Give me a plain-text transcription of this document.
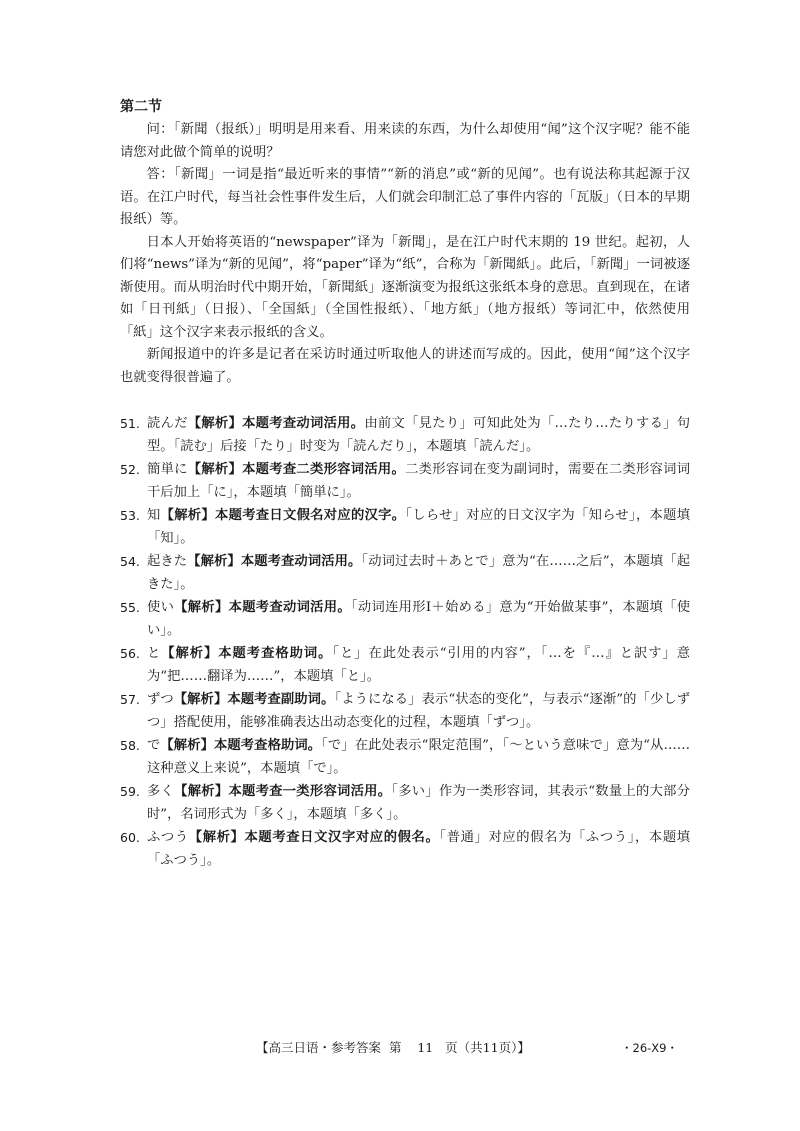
第二节

问：「新聞（报纸）」明明是用来看、用来读的东西，为什么却使用“闻”这个汉字呢？能不能请您对此做个简单的说明？

答：「新聞」一词是指“最近听来的事情”“新的消息”或“新的见闻”。也有说法称其起源于汉语。在江户时代，每当社会性事件发生后，人们就会印制汇总了事件内容的「瓦版」（日本的早期报纸）等。

日本人开始将英语的“newspaper”译为「新聞」，是在江户时代末期的 19 世纪。起初，人们将“news”译为“新的见闻”，将“paper”译为“纸”，合称为「新聞紙」。此后，「新聞」一词被逐渐使用。而从明治时代中期开始，「新聞紙」逐渐演变为报纸这张纸本身的意思。直到现在，在诸如「日刊紙」（日报）、「全国紙」（全国性报纸）、「地方紙」（地方报纸）等词汇中，依然使用「紙」这个汉字来表示报纸的含义。

新闻报道中的许多是记者在采访时通过听取他人的讲述而写成的。因此，使用“闻”这个汉字也就变得很普遍了。

51. 読んだ【解析】本题考查动词活用。由前文「見たり」可知此处为「…たり…たりする」句型。「読む」后接「たり」时变为「読んだり」，本题填「読んだ」。
52. 簡単に【解析】本题考查二类形容词活用。二类形容词在变为副词时，需要在二类形容词词干后加上「に」，本题填「簡単に」。
53. 知【解析】本题考查日文假名对应的汉字。「しらせ」对应的日文汉字为「知らせ」，本题填「知」。
54. 起きた【解析】本题考查动词活用。「动词过去时＋あとで」意为“在……之后”，本题填「起きた」。
55. 使い【解析】本题考查动词活用。「动词连用形Ⅰ＋始める」意为“开始做某事”，本题填「使い」。
56. と【解析】本题考查格助词。「と」在此处表示“引用的内容”，「…を『…』と訳す」意为“把……翻译为……”，本题填「と」。
57. ずつ【解析】本题考查副助词。「ようになる」表示“状态的变化”，与表示“逐渐”的「少しずつ」搭配使用，能够准确表达出动态变化的过程，本题填「ずつ」。
58. で【解析】本题考查格助词。「で」在此处表示“限定范围”，「～という意味で」意为“从……这种意义上来说”，本题填「で」。
59. 多く【解析】本题考查一类形容词活用。「多い」作为一类形容词，其表示“数量上的大部分时”，名词形式为「多く」，本题填「多く」。
60. ふつう【解析】本题考查日文汉字对应的假名。「普通」对应的假名为「ふつう」，本题填「ふつう」。
【高三日语・参考答案  第    11   页（共11页）】	・26-X9・
